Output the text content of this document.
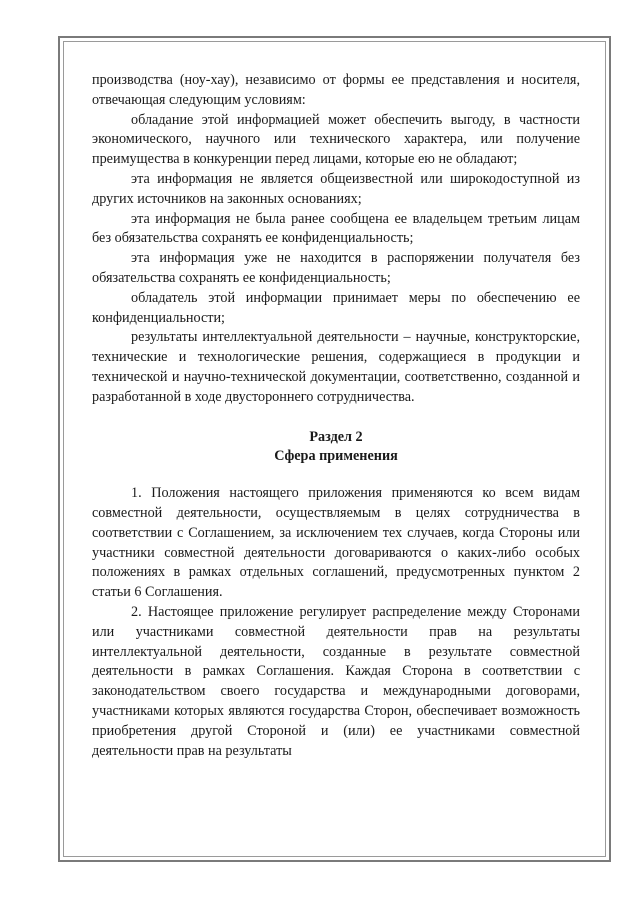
производства (ноу-хау), независимо от формы ее представления и носителя, отвечающая следующим условиям:

обладание этой информацией может обеспечить выгоду, в частности экономического, научного или технического характера, или получение преимущества в конкуренции перед лицами, которые ею не обладают;

эта информация не является общеизвестной или широкодоступной из других источников на законных основаниях;

эта информация не была ранее сообщена ее владельцем третьим лицам без обязательства сохранять ее конфиденциальность;

эта информация уже не находится в распоряжении получателя без обязательства сохранять ее конфиденциальность;

обладатель этой информации принимает меры по обеспечению ее конфиденциальности;

результаты интеллектуальной деятельности – научные, конструкторские, технические и технологические решения, содержащиеся в продукции и технической и научно-технической документации, соответственно, созданной и разработанной в ходе двустороннего сотрудничества.

Раздел 2

Сфера применения

1. Положения настоящего приложения применяются ко всем видам совместной деятельности, осуществляемым в целях сотрудничества в соответствии с Соглашением, за исключением тех случаев, когда Стороны или участники совместной деятельности договариваются о каких-либо особых положениях в рамках отдельных соглашений, предусмотренных пунктом 2 статьи 6 Соглашения.

2. Настоящее приложение регулирует распределение между Сторонами или участниками совместной деятельности прав на результаты интеллектуальной деятельности, созданные в результате совместной деятельности в рамках Соглашения. Каждая Сторона в соответствии с законодательством своего государства и международными договорами, участниками которых являются государства Сторон, обеспечивает возможность приобретения другой Стороной и (или) ее участниками совместной деятельности прав на результаты
